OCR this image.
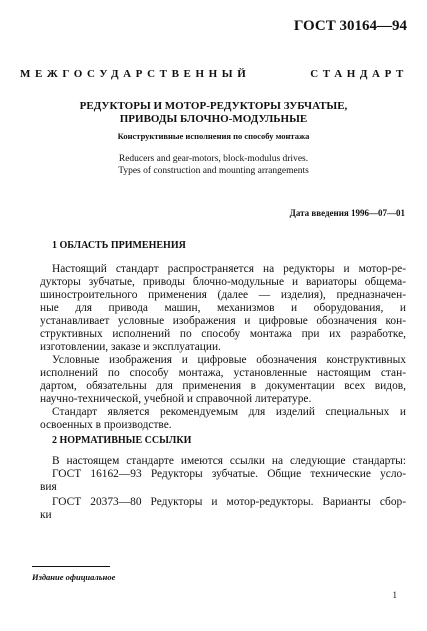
ГОСТ 30164—94
МЕЖГОСУДАРСТВЕННЫЙ СТАНДАРТ
РЕДУКТОРЫ И МОТОР-РЕДУКТОРЫ ЗУБЧАТЫЕ,
ПРИВОДЫ БЛОЧНО-МОДУЛЬНЫЕ
Конструктивные исполнения по способу монтажа
Reducers and gear-motors, block-modulus drives.
Types of construction and mounting arrangements
Дата введения 1996—07—01
1 ОБЛАСТЬ ПРИМЕНЕНИЯ
Настоящий стандарт распространяется на редукторы и мотор-ре-
дукторы зубчатые, приводы блочно-модульные и вариаторы общема-
шиностроительного применения (далее — изделия), предназначен-
ные для привода машин, механизмов и оборудования, и
устанавливает условные изображения и цифровые обозначения кон-
структивных исполнений по способу монтажа при их разработке,
изготовлении, заказе и эксплуатации.
Условные изображения и цифровые обозначения конструктивных
исполнений по способу монтажа, установленные настоящим стан-
дартом, обязательны для применения в документации всех видов,
научно-технической, учебной и справочной литературе.
Стандарт является рекомендуемым для изделий специальных и
освоенных в производстве.
2 НОРМАТИВНЫЕ ССЫЛКИ
В настоящем стандарте имеются ссылки на следующие стандарты:
ГОСТ 16162—93 Редукторы зубчатые. Общие технические усло-
вия
ГОСТ 20373—80 Редукторы и мотор-редукторы. Варианты сбор-
ки
Издание официальное
1
